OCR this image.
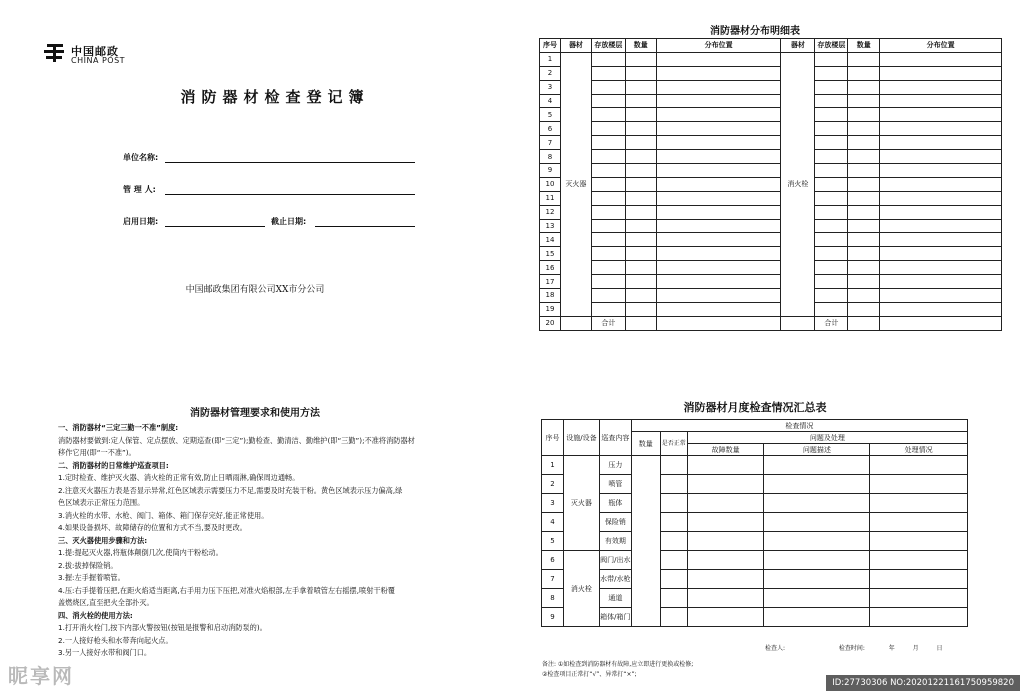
中国邮政
CHINA POST
消防器材检查登记簿
单位名称:
管 理 人:
启用日期:	截止日期:
中国邮政集团有限公司XX市分公司
消防器材管理要求和使用方法

一、消防器材“三定三勤一不准”制度:

消防器材要做到:定人保管、定点摆放、定期巡查(即“三定”);勤检查、勤清洁、勤维护(即“三勤”);不准将消防器材

移作它用(即“一不准”)。

二、消防器材的日常维护巡查项目:

1.定时检查、维护灭火器、消火栓的正常有效,防止日晒雨淋,确保周边通畅。

2.注意灭火器压力表是否显示异常,红色区域表示需要压力不足,需要及时充装干粉。黄色区域表示压力偏高,绿

色区域表示正常压力范围。

3.消火栓的水带、水枪、阀门、箱体、箱门保存完好,能正常使用。

4.如果设备损坏、故障储存的位置和方式不当,要及时更改。

三、灭火器使用步骤和方法:

1.提:提起灭火器,将瓶体颠倒几次,使筒内干粉松动。

2.拔:拔掉保险销。

3.握:左手握着喷管。

4.压:右手提着压把,在距火焰适当距离,右手用力压下压把,对准火焰根部,左手拿着喷管左右摇摆,喷射干粉覆

盖燃烧区,直至把火全部扑灭。

四、消火栓的使用方法:

1.打开消火栓门,按下内部火警按钮(按钮是报警和启动消防泵的)。

2.一人接好枪头和水带奔向起火点。

3.另一人接好水带和阀门口。

消防器材分布明细表
序号	器材	存放楼层	数量	分布位置	器材	存放楼层	数量	分布位置
1	灭火器				消火栓			
2								
3								
4								
5								
6								
7								
8								
9								
10								
11								
12								
13								
14								
15								
16								
17								
18								
19								
20		合计				合计		
消防器材月度检查情况汇总表
序号	设施/设备	巡查内容	检查情况				
			数量	是否正常	问题及处理		
					故障数量	问题描述	处理情况
1	灭火器	压力					
2		喷管					
3		瓶体					
4		保险销					
5		有效期					
6	消火栓	阀门/出水					
7		水带/水枪					
8		通道					
9		箱体/箱门					
检查人:	检查时间:	年	月	日
备注: ①如检查到消防器材有故障,应立即进行更换或检修;
②检查项目正常打“√”、异常打“×”;
昵享网	ID:27730306 NO:20201221161750959820
